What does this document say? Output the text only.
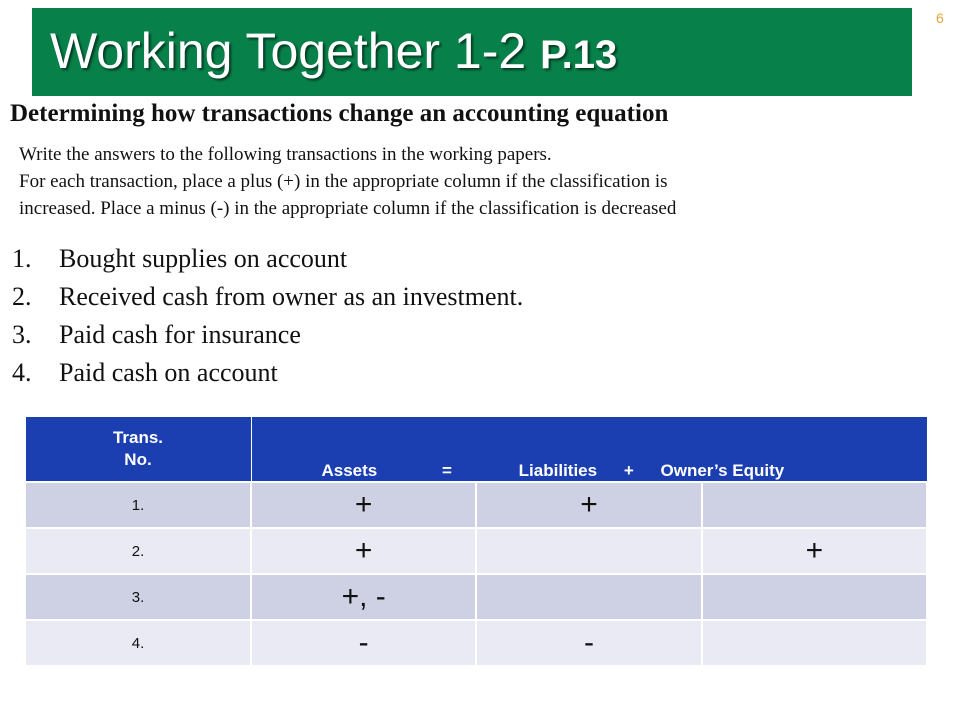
Working Together 1-2 P.13
6
Determining how transactions change an accounting equation

Write the answers to the following transactions in the working papers.

For each transaction, place a plus (+) in the appropriate column if the classification is

increased. Place a minus (-) in the appropriate column if the classification is decreased

1. Bought supplies on account
2. Received cash from owner as an investment.
3. Paid cash for insurance
4. Paid cash on account
Trans.
No.	Assets = Liabilities + Owner’s Equity		
1.	+	+	
2.	+		+
3.	+, -		
4.	-	-	
